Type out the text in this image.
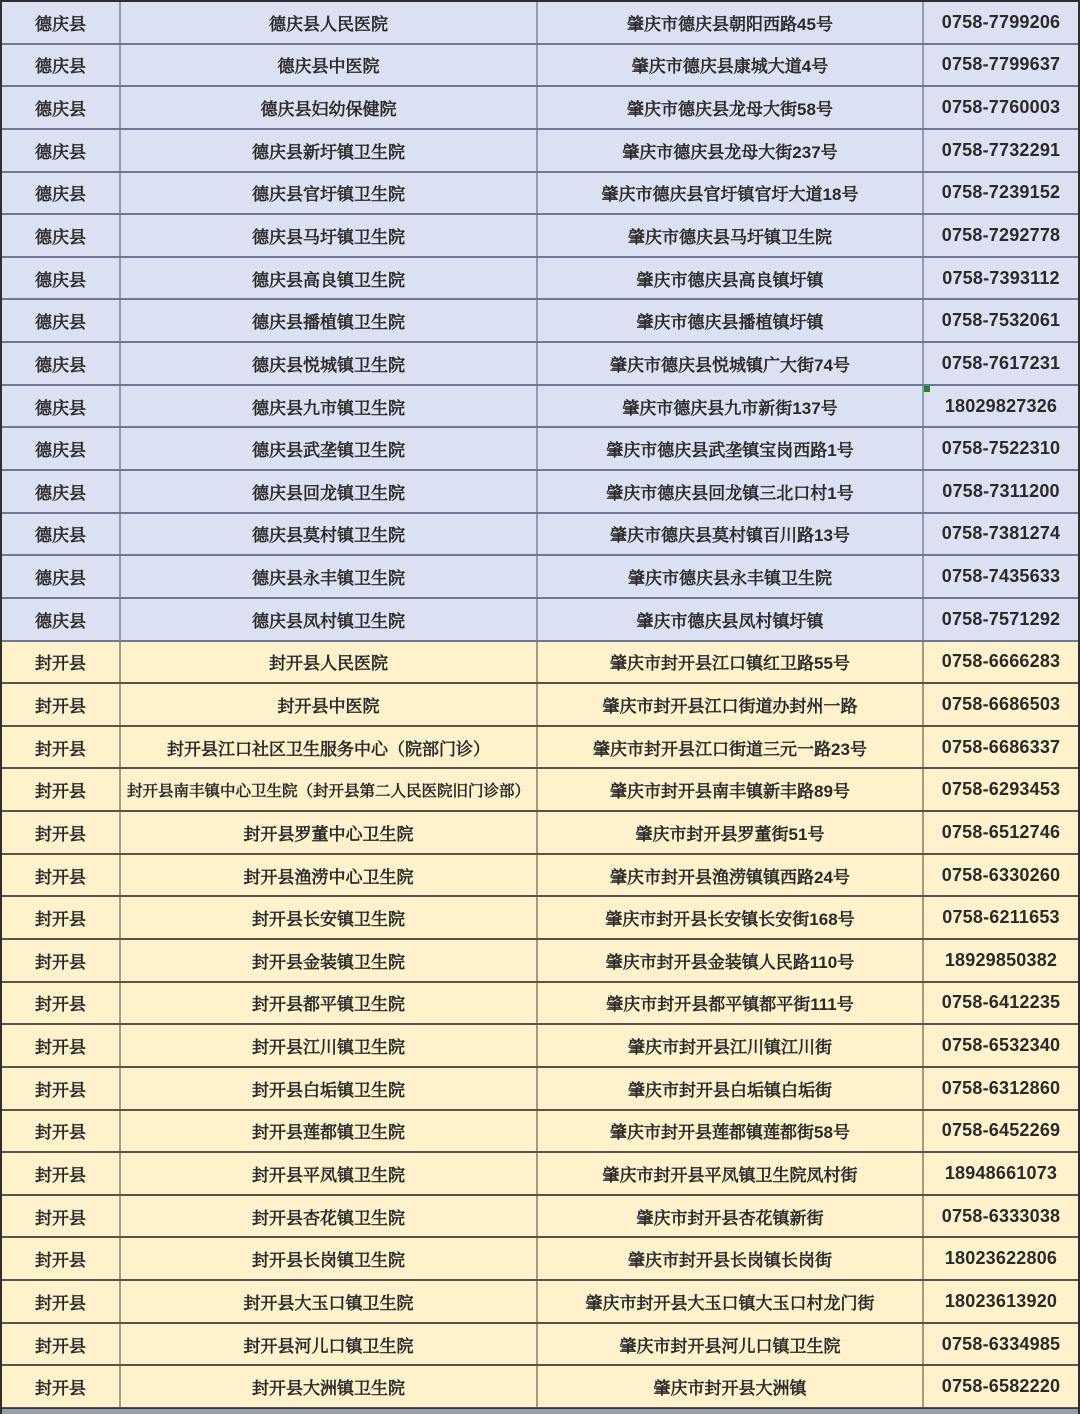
德庆县	德庆县人民医院	肇庆市德庆县朝阳西路45号	0758-7799206
德庆县	德庆县中医院	肇庆市德庆县康城大道4号	0758-7799637
德庆县	德庆县妇幼保健院	肇庆市德庆县龙母大街58号	0758-7760003
德庆县	德庆县新圩镇卫生院	肇庆市德庆县龙母大街237号	0758-7732291
德庆县	德庆县官圩镇卫生院	肇庆市德庆县官圩镇官圩大道18号	0758-7239152
德庆县	德庆县马圩镇卫生院	肇庆市德庆县马圩镇卫生院	0758-7292778
德庆县	德庆县高良镇卫生院	肇庆市德庆县高良镇圩镇	0758-7393112
德庆县	德庆县播植镇卫生院	肇庆市德庆县播植镇圩镇	0758-7532061
德庆县	德庆县悦城镇卫生院	肇庆市德庆县悦城镇广大街74号	0758-7617231
德庆县	德庆县九市镇卫生院	肇庆市德庆县九市新街137号	18029827326
德庆县	德庆县武垄镇卫生院	肇庆市德庆县武垄镇宝岗西路1号	0758-7522310
德庆县	德庆县回龙镇卫生院	肇庆市德庆县回龙镇三北口村1号	0758-7311200
德庆县	德庆县莫村镇卫生院	肇庆市德庆县莫村镇百川路13号	0758-7381274
德庆县	德庆县永丰镇卫生院	肇庆市德庆县永丰镇卫生院	0758-7435633
德庆县	德庆县凤村镇卫生院	肇庆市德庆县凤村镇圩镇	0758-7571292
封开县	封开县人民医院	肇庆市封开县江口镇红卫路55号	0758-6666283
封开县	封开县中医院	肇庆市封开县江口街道办封州一路	0758-6686503
封开县	封开县江口社区卫生服务中心（院部门诊）	肇庆市封开县江口街道三元一路23号	0758-6686337
封开县	封开县南丰镇中心卫生院（封开县第二人民医院旧门诊部）	肇庆市封开县南丰镇新丰路89号	0758-6293453
封开县	封开县罗董中心卫生院	肇庆市封开县罗董街51号	0758-6512746
封开县	封开县渔涝中心卫生院	肇庆市封开县渔涝镇镇西路24号	0758-6330260
封开县	封开县长安镇卫生院	肇庆市封开县长安镇长安街168号	0758-6211653
封开县	封开县金装镇卫生院	肇庆市封开县金装镇人民路110号	18929850382
封开县	封开县都平镇卫生院	肇庆市封开县都平镇都平街111号	0758-6412235
封开县	封开县江川镇卫生院	肇庆市封开县江川镇江川街	0758-6532340
封开县	封开县白垢镇卫生院	肇庆市封开县白垢镇白垢街	0758-6312860
封开县	封开县莲都镇卫生院	肇庆市封开县莲都镇莲都街58号	0758-6452269
封开县	封开县平凤镇卫生院	肇庆市封开县平凤镇卫生院凤村街	18948661073
封开县	封开县杏花镇卫生院	肇庆市封开县杏花镇新街	0758-6333038
封开县	封开县长岗镇卫生院	肇庆市封开县长岗镇长岗街	18023622806
封开县	封开县大玉口镇卫生院	肇庆市封开县大玉口镇大玉口村龙门街	18023613920
封开县	封开县河儿口镇卫生院	肇庆市封开县河儿口镇卫生院	0758-6334985
封开县	封开县大洲镇卫生院	肇庆市封开县大洲镇	0758-6582220
